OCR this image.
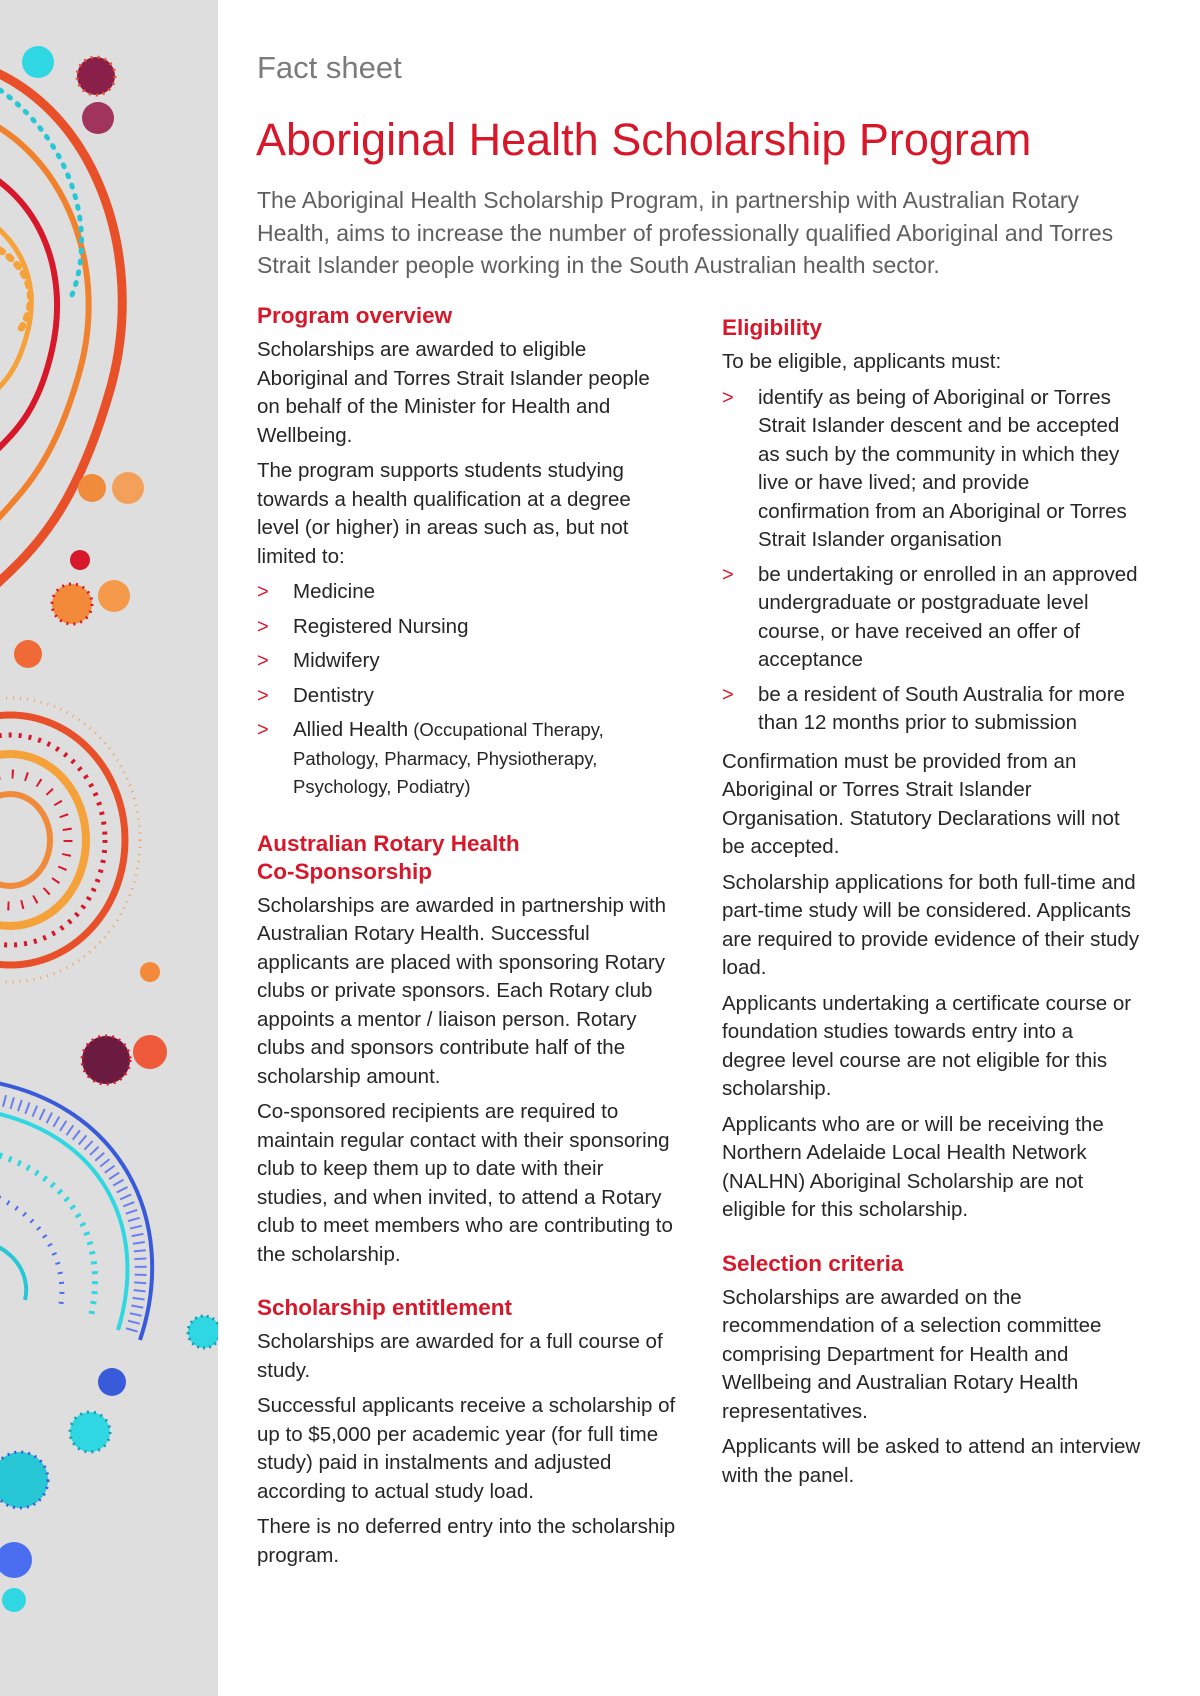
Fact sheet
Aboriginal Health Scholarship Program

The Aboriginal Health Scholarship Program, in partnership with Australian Rotary Health, aims to increase the number of professionally qualified Aboriginal and Torres Strait Islander people working in the South Australian health sector.

Program overview

Scholarships are awarded to eligible Aboriginal and Torres Strait Islander people on behalf of the Minister for Health and Wellbeing.

The program supports students studying towards a health qualification at a degree level (or higher) in areas such as, but not limited to:

> Medicine
> Registered Nursing
> Midwifery
> Dentistry
> Allied Health (Occupational Therapy, Pathology, Pharmacy, Physiotherapy, Psychology, Podiatry)
Australian Rotary Health Co-Sponsorship

Scholarships are awarded in partnership with Australian Rotary Health. Successful applicants are placed with sponsoring Rotary clubs or private sponsors. Each Rotary club appoints a mentor / liaison person. Rotary clubs and sponsors contribute half of the scholarship amount.

Co-sponsored recipients are required to maintain regular contact with their sponsoring club to keep them up to date with their studies, and when invited, to attend a Rotary club to meet members who are contributing to the scholarship.

Scholarship entitlement

Scholarships are awarded for a full course of study.

Successful applicants receive a scholarship of up to $5,000 per academic year (for full time study) paid in instalments and adjusted according to actual study load.

There is no deferred entry into the scholarship program.

Eligibility

To be eligible, applicants must:

> identify as being of Aboriginal or Torres Strait Islander descent and be accepted as such by the community in which they live or have lived; and provide confirmation from an Aboriginal or Torres Strait Islander organisation
> be undertaking or enrolled in an approved undergraduate or postgraduate level course, or have received an offer of acceptance
> be a resident of South Australia for more than 12 months prior to submission

Confirmation must be provided from an Aboriginal or Torres Strait Islander Organisation. Statutory Declarations will not be accepted.

Scholarship applications for both full-time and part-time study will be considered. Applicants are required to provide evidence of their study load.

Applicants undertaking a certificate course or foundation studies towards entry into a degree level course are not eligible for this scholarship.

Applicants who are or will be receiving the Northern Adelaide Local Health Network (NALHN) Aboriginal Scholarship are not eligible for this scholarship.

Selection criteria

Scholarships are awarded on the recommendation of a selection committee comprising Department for Health and Wellbeing and Australian Rotary Health representatives.

Applicants will be asked to attend an interview with the panel.
